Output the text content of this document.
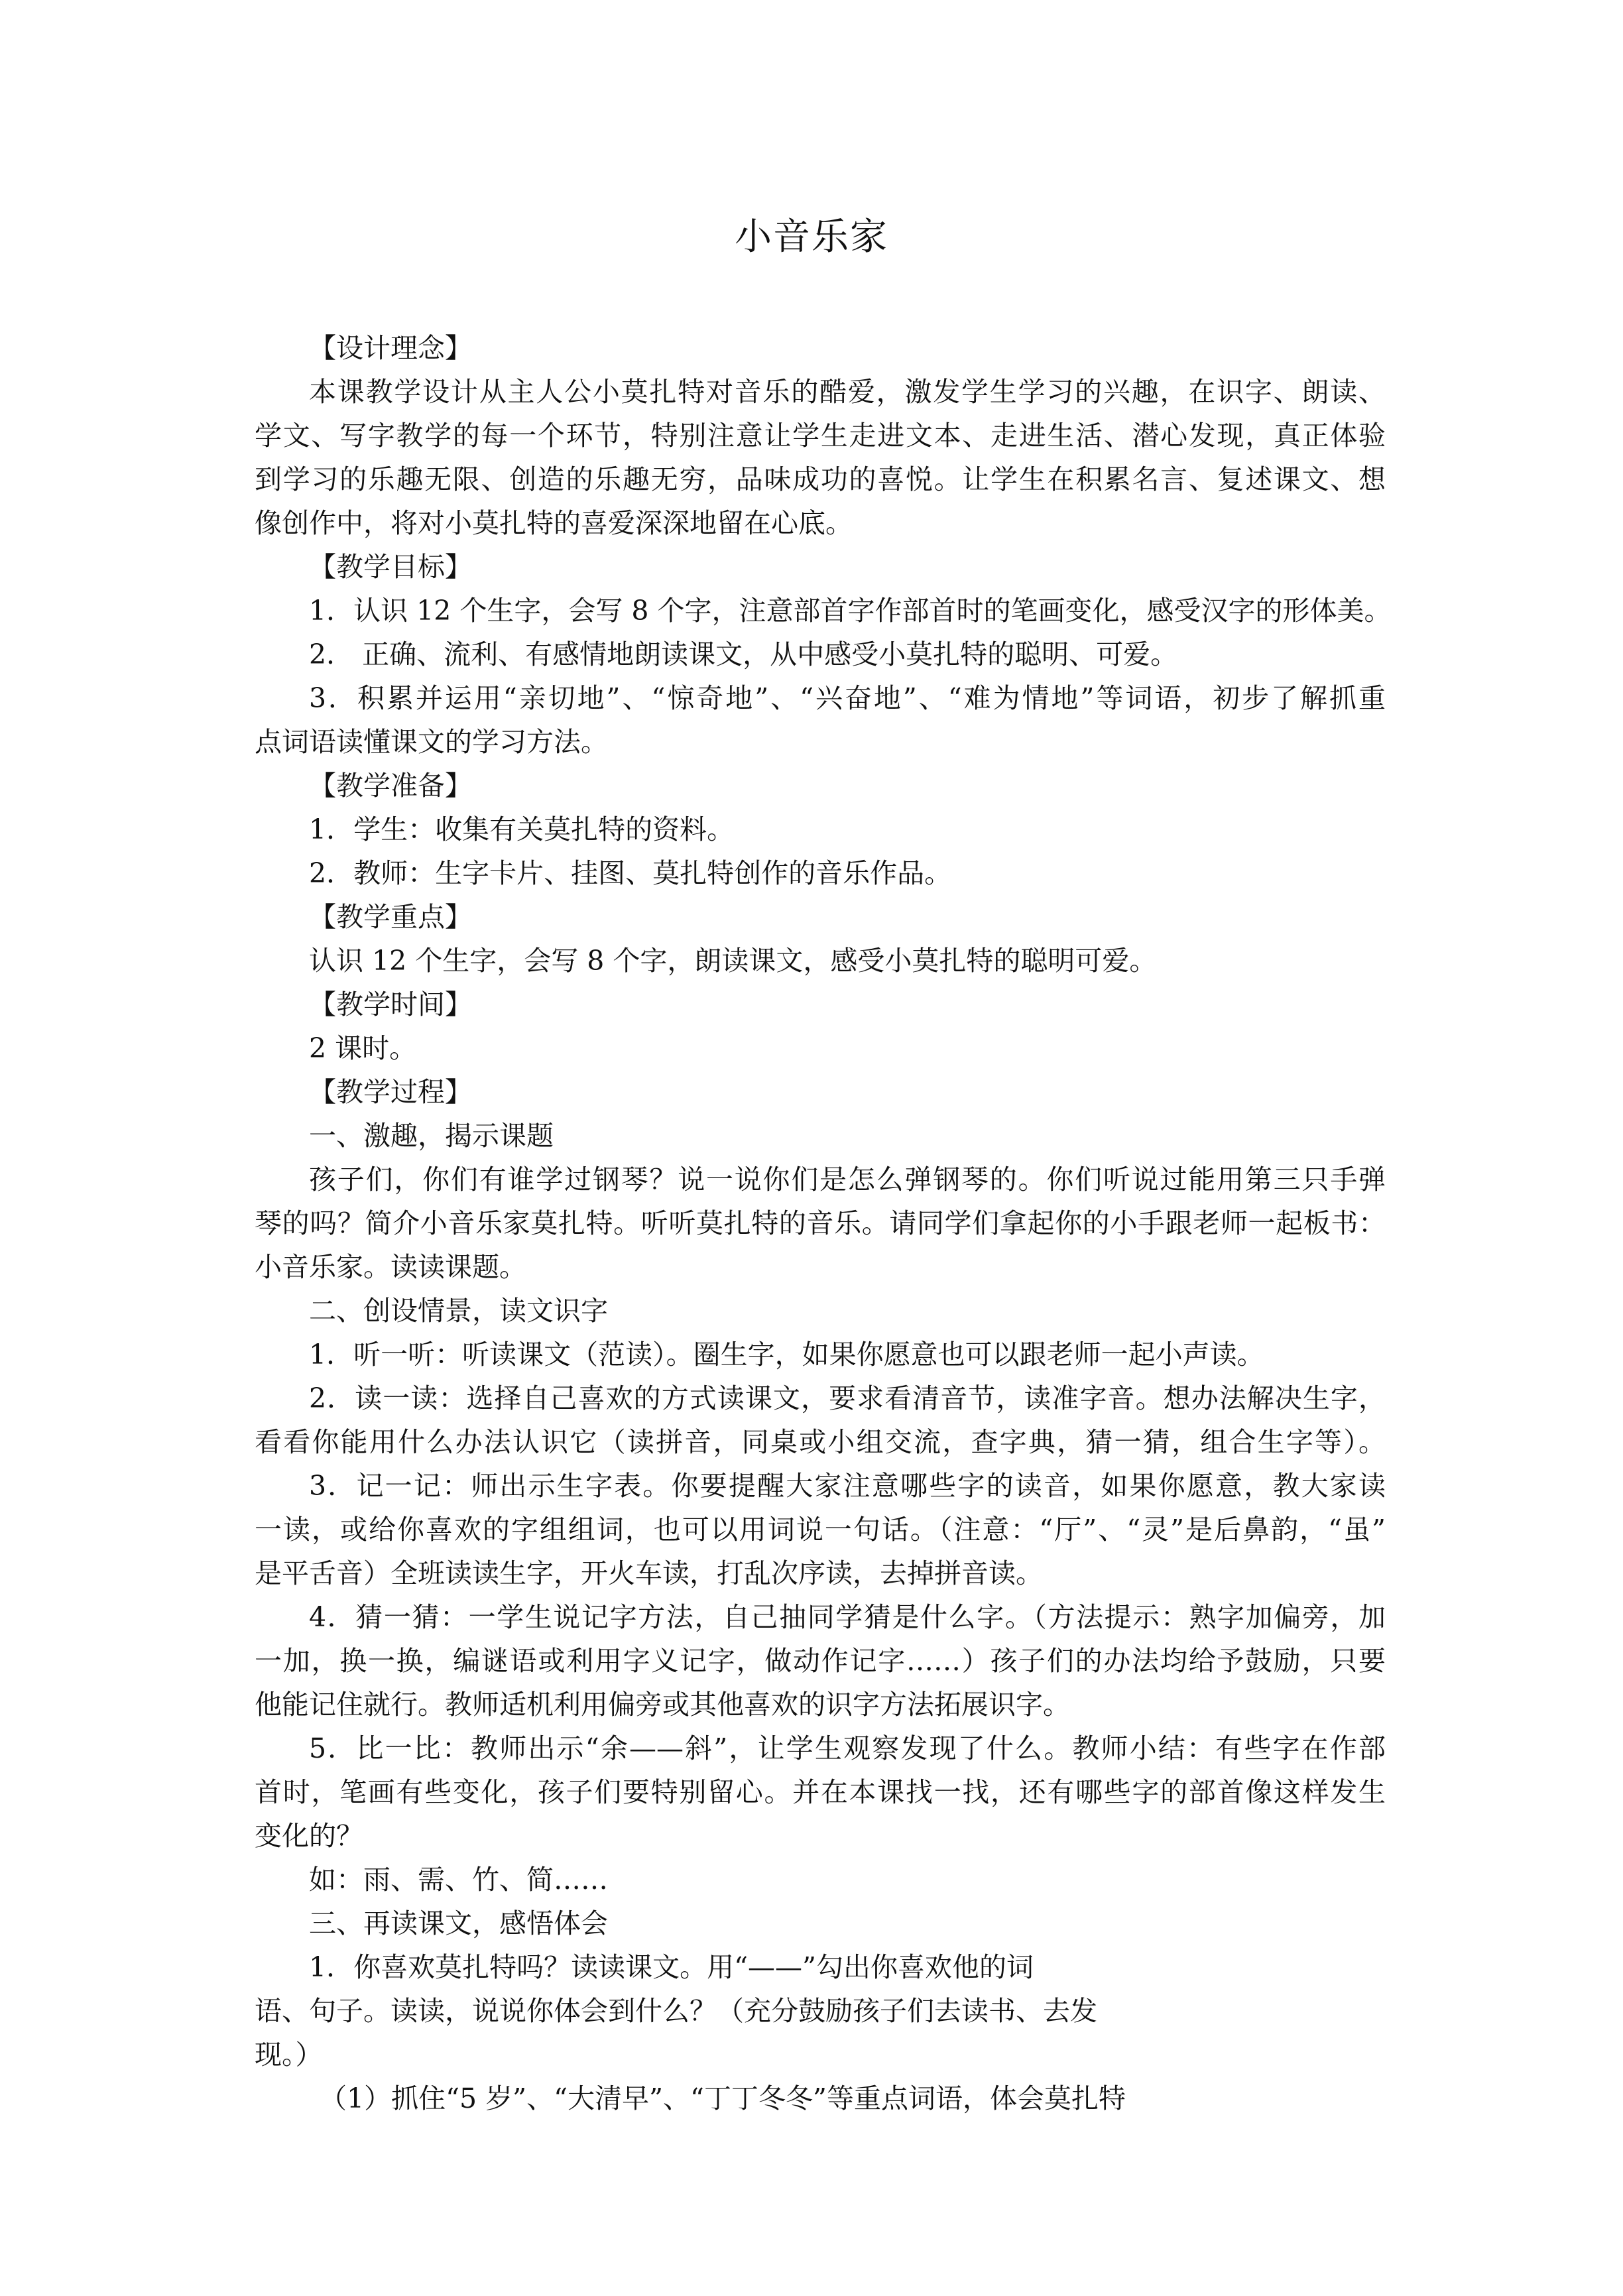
小音乐家

【设计理念】

本课教学设计从主人公小莫扎特对音乐的酷爱，激发学生学习的兴趣，在识字、朗读、

学文、写字教学的每一个环节，特别注意让学生走进文本、走进生活、潜心发现，真正体验

到学习的乐趣无限、创造的乐趣无穷，品味成功的喜悦。让学生在积累名言、复述课文、想

像创作中，将对小莫扎特的喜爱深深地留在心底。

【教学目标】

1．认识 12 个生字，会写 8 个字，注意部首字作部首时的笔画变化，感受汉字的形体美。

2． 正确、流利、有感情地朗读课文，从中感受小莫扎特的聪明、可爱。

3．积累并运用“亲切地”、“惊奇地”、“兴奋地”、“难为情地”等词语，初步了解抓重

点词语读懂课文的学习方法。

【教学准备】

1．学生：收集有关莫扎特的资料。

2．教师：生字卡片、挂图、莫扎特创作的音乐作品。

【教学重点】

认识 12 个生字，会写 8 个字，朗读课文，感受小莫扎特的聪明可爱。

【教学时间】

2 课时。

【教学过程】

一、激趣，揭示课题

孩子们，你们有谁学过钢琴？说一说你们是怎么弹钢琴的。你们听说过能用第三只手弹

琴的吗？简介小音乐家莫扎特。听听莫扎特的音乐。请同学们拿起你的小手跟老师一起板书：

小音乐家。读读课题。

二、创设情景，读文识字

1．听一听：听读课文（范读）。圈生字，如果你愿意也可以跟老师一起小声读。

2．读一读：选择自己喜欢的方式读课文，要求看清音节，读准字音。想办法解决生字，

看看你能用什么办法认识它（读拼音，同桌或小组交流，查字典，猜一猜，组合生字等）。

3．记一记：师出示生字表。你要提醒大家注意哪些字的读音，如果你愿意，教大家读

一读，或给你喜欢的字组组词，也可以用词说一句话。（注意：“厅”、“灵”是后鼻韵，“虽”

是平舌音）全班读读生字，开火车读，打乱次序读，去掉拼音读。

4．猜一猜：一学生说记字方法，自己抽同学猜是什么字。（方法提示：熟字加偏旁，加

一加，换一换，编谜语或利用字义记字，做动作记字……）孩子们的办法均给予鼓励，只要

他能记住就行。教师适机利用偏旁或其他喜欢的识字方法拓展识字。

5．比一比：教师出示“余——斜”，让学生观察发现了什么。教师小结：有些字在作部

首时，笔画有些变化，孩子们要特别留心。并在本课找一找，还有哪些字的部首像这样发生

变化的？

如：雨、需、竹、简……

三、再读课文，感悟体会

1．你喜欢莫扎特吗？读读课文。用“——”勾出你喜欢他的词

语、句子。读读，说说你体会到什么？（充分鼓励孩子们去读书、去发

现。）

（1）抓住“5 岁”、“大清早”、“丁丁冬冬”等重点词语，体会莫扎特
